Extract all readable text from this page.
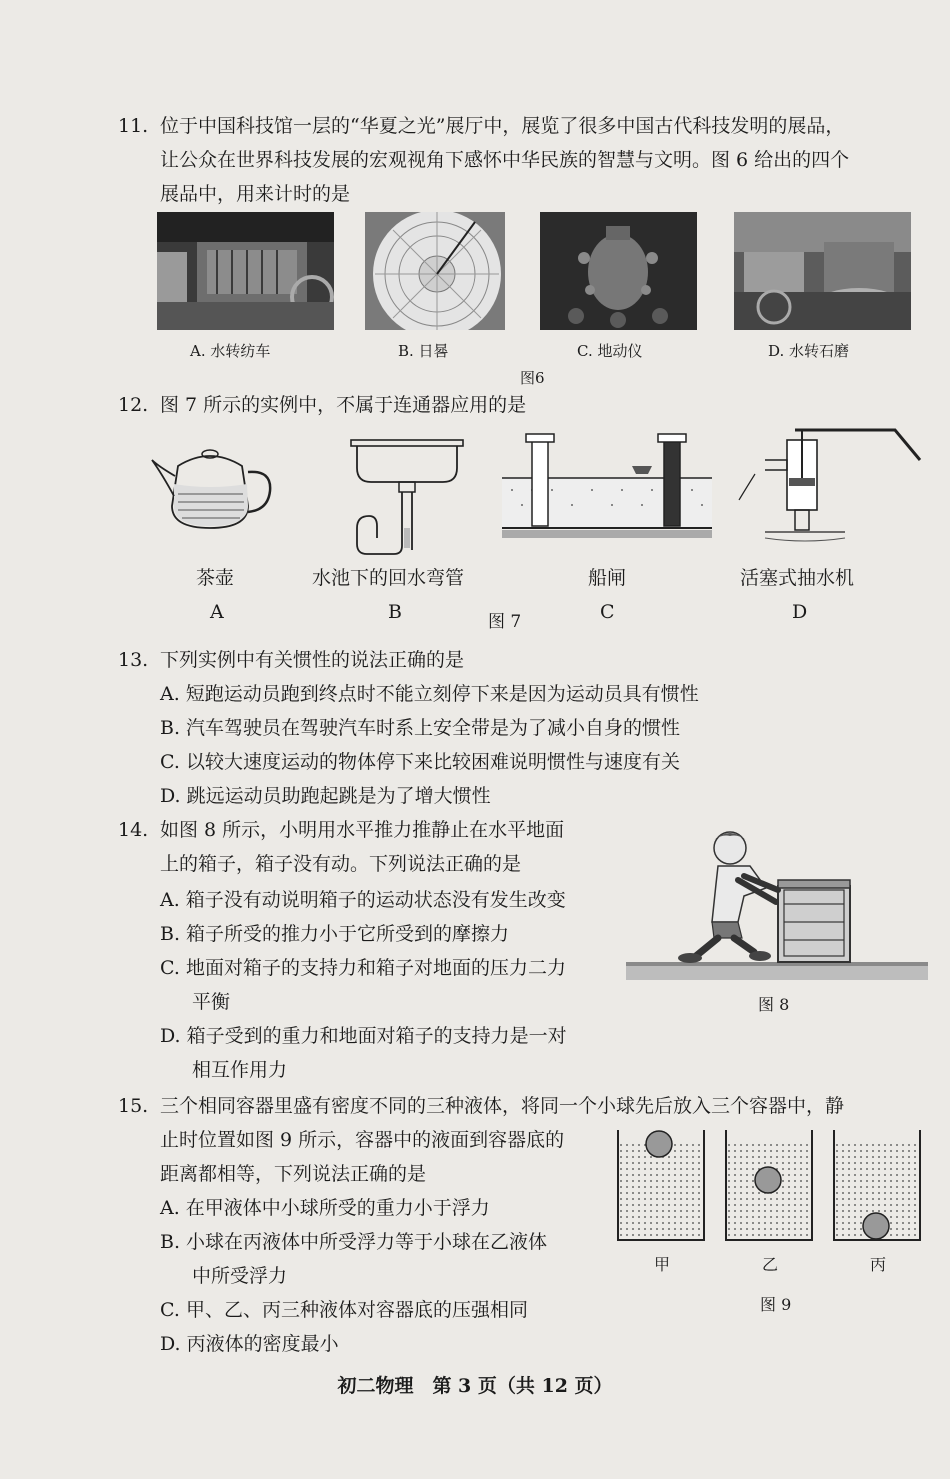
11. 位于中国科技馆一层的“华夏之光”展厅中，展览了很多中国古代科技发明的展品，
让公众在世界科技发展的宏观视角下感怀中华民族的智慧与文明。图 6 给出的四个
展品中，用来计时的是
A. 水转纺车	B. 日晷	C. 地动仪	D. 水转石磨
图6
12. 图 7 所示的实例中，不属于连通器应用的是
茶壶	水池下的回水弯管	船闸	活塞式抽水机
A	B	C	D
图 7
13. 下列实例中有关惯性的说法正确的是
A. 短跑运动员跑到终点时不能立刻停下来是因为运动员具有惯性
B. 汽车驾驶员在驾驶汽车时系上安全带是为了减小自身的惯性
C. 以较大速度运动的物体停下来比较困难说明惯性与速度有关
D. 跳远运动员助跑起跳是为了增大惯性
14. 如图 8 所示，小明用水平推力推静止在水平地面
上的箱子，箱子没有动。下列说法正确的是
A. 箱子没有动说明箱子的运动状态没有发生改变
B. 箱子所受的推力小于它所受到的摩擦力
C. 地面对箱子的支持力和箱子对地面的压力二力
平衡
D. 箱子受到的重力和地面对箱子的支持力是一对
相互作用力
图 8
15. 三个相同容器里盛有密度不同的三种液体，将同一个小球先后放入三个容器中，静
止时位置如图 9 所示，容器中的液面到容器底的
距离都相等，下列说法正确的是
A. 在甲液体中小球所受的重力小于浮力
B. 小球在丙液体中所受浮力等于小球在乙液体
中所受浮力
C. 甲、乙、丙三种液体对容器底的压强相同
D. 丙液体的密度最小
甲	乙	丙
图 9
初二物理　第 3 页（共 12 页）
